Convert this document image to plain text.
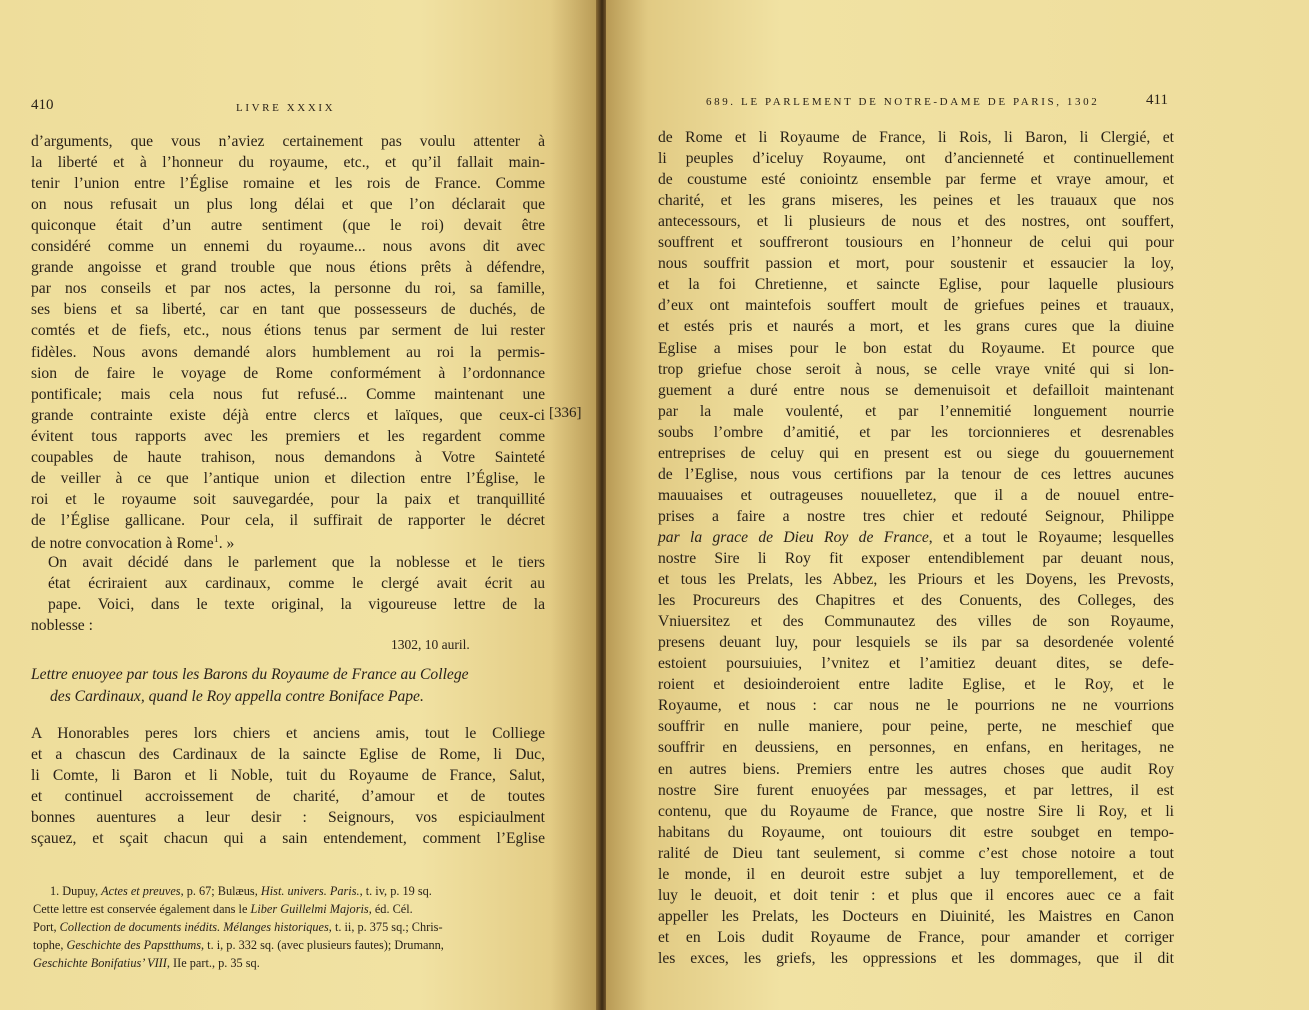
410	LIVRE XXXIX
d’arguments, que vous n’aviez certainement pas voulu attenter à
la liberté et à l’honneur du royaume, etc., et qu’il fallait main-
tenir l’union entre l’Église romaine et les rois de France. Comme
on nous refusait un plus long délai et que l’on déclarait que
quiconque était d’un autre sentiment (que le roi) devait être
considéré comme un ennemi du royaume... nous avons dit avec
grande angoisse et grand trouble que nous étions prêts à défendre,
par nos conseils et par nos actes, la personne du roi, sa famille,
ses biens et sa liberté, car en tant que possesseurs de duchés, de
comtés et de fiefs, etc., nous étions tenus par serment de lui rester
fidèles. Nous avons demandé alors humblement au roi la permis-
sion de faire le voyage de Rome conformément à l’ordonnance
pontificale; mais cela nous fut refusé... Comme maintenant une
grande contrainte existe déjà entre clercs et laïques, que ceux-ci
évitent tous rapports avec les premiers et les regardent comme
coupables de haute trahison, nous demandons à Votre Sainteté
de veiller à ce que l’antique union et dilection entre l’Église, le
roi et le royaume soit sauvegardée, pour la paix et tranquillité
de l’Église gallicane. Pour cela, il suffirait de rapporter le décret
de notre convocation à Rome$^1$. »
[336]
On avait décidé dans le parlement que la noblesse et le tiers
état écriraient aux cardinaux, comme le clergé avait écrit au
pape. Voici, dans le texte original, la vigoureuse lettre de la
noblesse :
1302, 10 auril.
Lettre enuoyee par tous les Barons du Royaume de France au College
des Cardinaux, quand le Roy appella contre Boniface Pape.
A Honorables peres lors chiers et anciens amis, tout le Colliege
et a chascun des Cardinaux de la saincte Eglise de Rome, li Duc,
li Comte, li Baron et li Noble, tuit du Royaume de France, Salut,
et continuel accroissement de charité, d’amour et de toutes
bonnes auentures a leur desir : Seignours, vos espiciaulment
sçauez, et sçait chacun qui a sain entendement, comment l’Eglise
1. Dupuy, Actes et preuves, p. 67; Bulæus, Hist. univers. Paris., t. iv, p. 19 sq.
Cette lettre est conservée également dans le Liber Guillelmi Majoris, éd. Cél.
Port, Collection de documents inédits. Mélanges historiques, t. ii, p. 375 sq.; Chris-
tophe, Geschichte des Papstthums, t. i, p. 332 sq. (avec plusieurs fautes); Drumann,
Geschichte Bonifatius’ VIII, IIe part., p. 35 sq.
689. LE PARLEMENT DE NOTRE-DAME DE PARIS, 1302	411
de Rome et li Royaume de France, li Rois, li Baron, li Clergié, et
li peuples d’iceluy Royaume, ont d’ancienneté et continuellement
de coustume esté coniointz ensemble par ferme et vraye amour, et
charité, et les grans miseres, les peines et les trauaux que nos
antecessours, et li plusieurs de nous et des nostres, ont souffert,
souffrent et souffreront tousiours en l’honneur de celui qui pour
nous souffrit passion et mort, pour soustenir et essaucier la loy,
et la foi Chretienne, et saincte Eglise, pour laquelle plusiours
d’eux ont maintefois souffert moult de griefues peines et trauaux,
et estés pris et naurés a mort, et les grans cures que la diuine
Eglise a mises pour le bon estat du Royaume. Et pource que
trop griefue chose seroit à nous, se celle vraye vnité qui si lon-
guement a duré entre nous se demenuisoit et defailloit maintenant
par la male voulenté, et par l’ennemitié longuement nourrie
soubs l’ombre d’amitié, et par les torcionnieres et desrenables
entreprises de celuy qui en present est ou siege du gouuernement
de l’Eglise, nous vous certifions par la tenour de ces lettres aucunes
mauuaises et outrageuses nouuelletez, que il a de nouuel entre-
prises a faire a nostre tres chier et redouté Seignour, Philippe
par la grace de Dieu Roy de France, et a tout le Royaume; lesquelles
nostre Sire li Roy fit exposer entendiblement par deuant nous,
et tous les Prelats, les Abbez, les Priours et les Doyens, les Prevosts,
les Procureurs des Chapitres et des Conuents, des Colleges, des
Vniuersitez et des Communautez des villes de son Royaume,
presens deuant luy, pour lesquiels se ils par sa desordenée volenté
estoient poursuiuies, l’vnitez et l’amitiez deuant dites, se defe-
roient et desioinderoient entre ladite Eglise, et le Roy, et le
Royaume, et nous : car nous ne le pourrions ne ne vourrions
souffrir en nulle maniere, pour peine, perte, ne meschief que
souffrir en deussiens, en personnes, en enfans, en heritages, ne
en autres biens. Premiers entre les autres choses que audit Roy
nostre Sire furent enuoyées par messages, et par lettres, il est
contenu, que du Royaume de France, que nostre Sire li Roy, et li
habitans du Royaume, ont touiours dit estre soubget en tempo-
ralité de Dieu tant seulement, si comme c’est chose notoire a tout
le monde, il en deuroit estre subjet a luy temporellement, et de
luy le deuoit, et doit tenir : et plus que il encores auec ce a fait
appeller les Prelats, les Docteurs en Diuinité, les Maistres en Canon
et en Lois dudit Royaume de France, pour amander et corriger
les exces, les griefs, les oppressions et les dommages, que il dit
